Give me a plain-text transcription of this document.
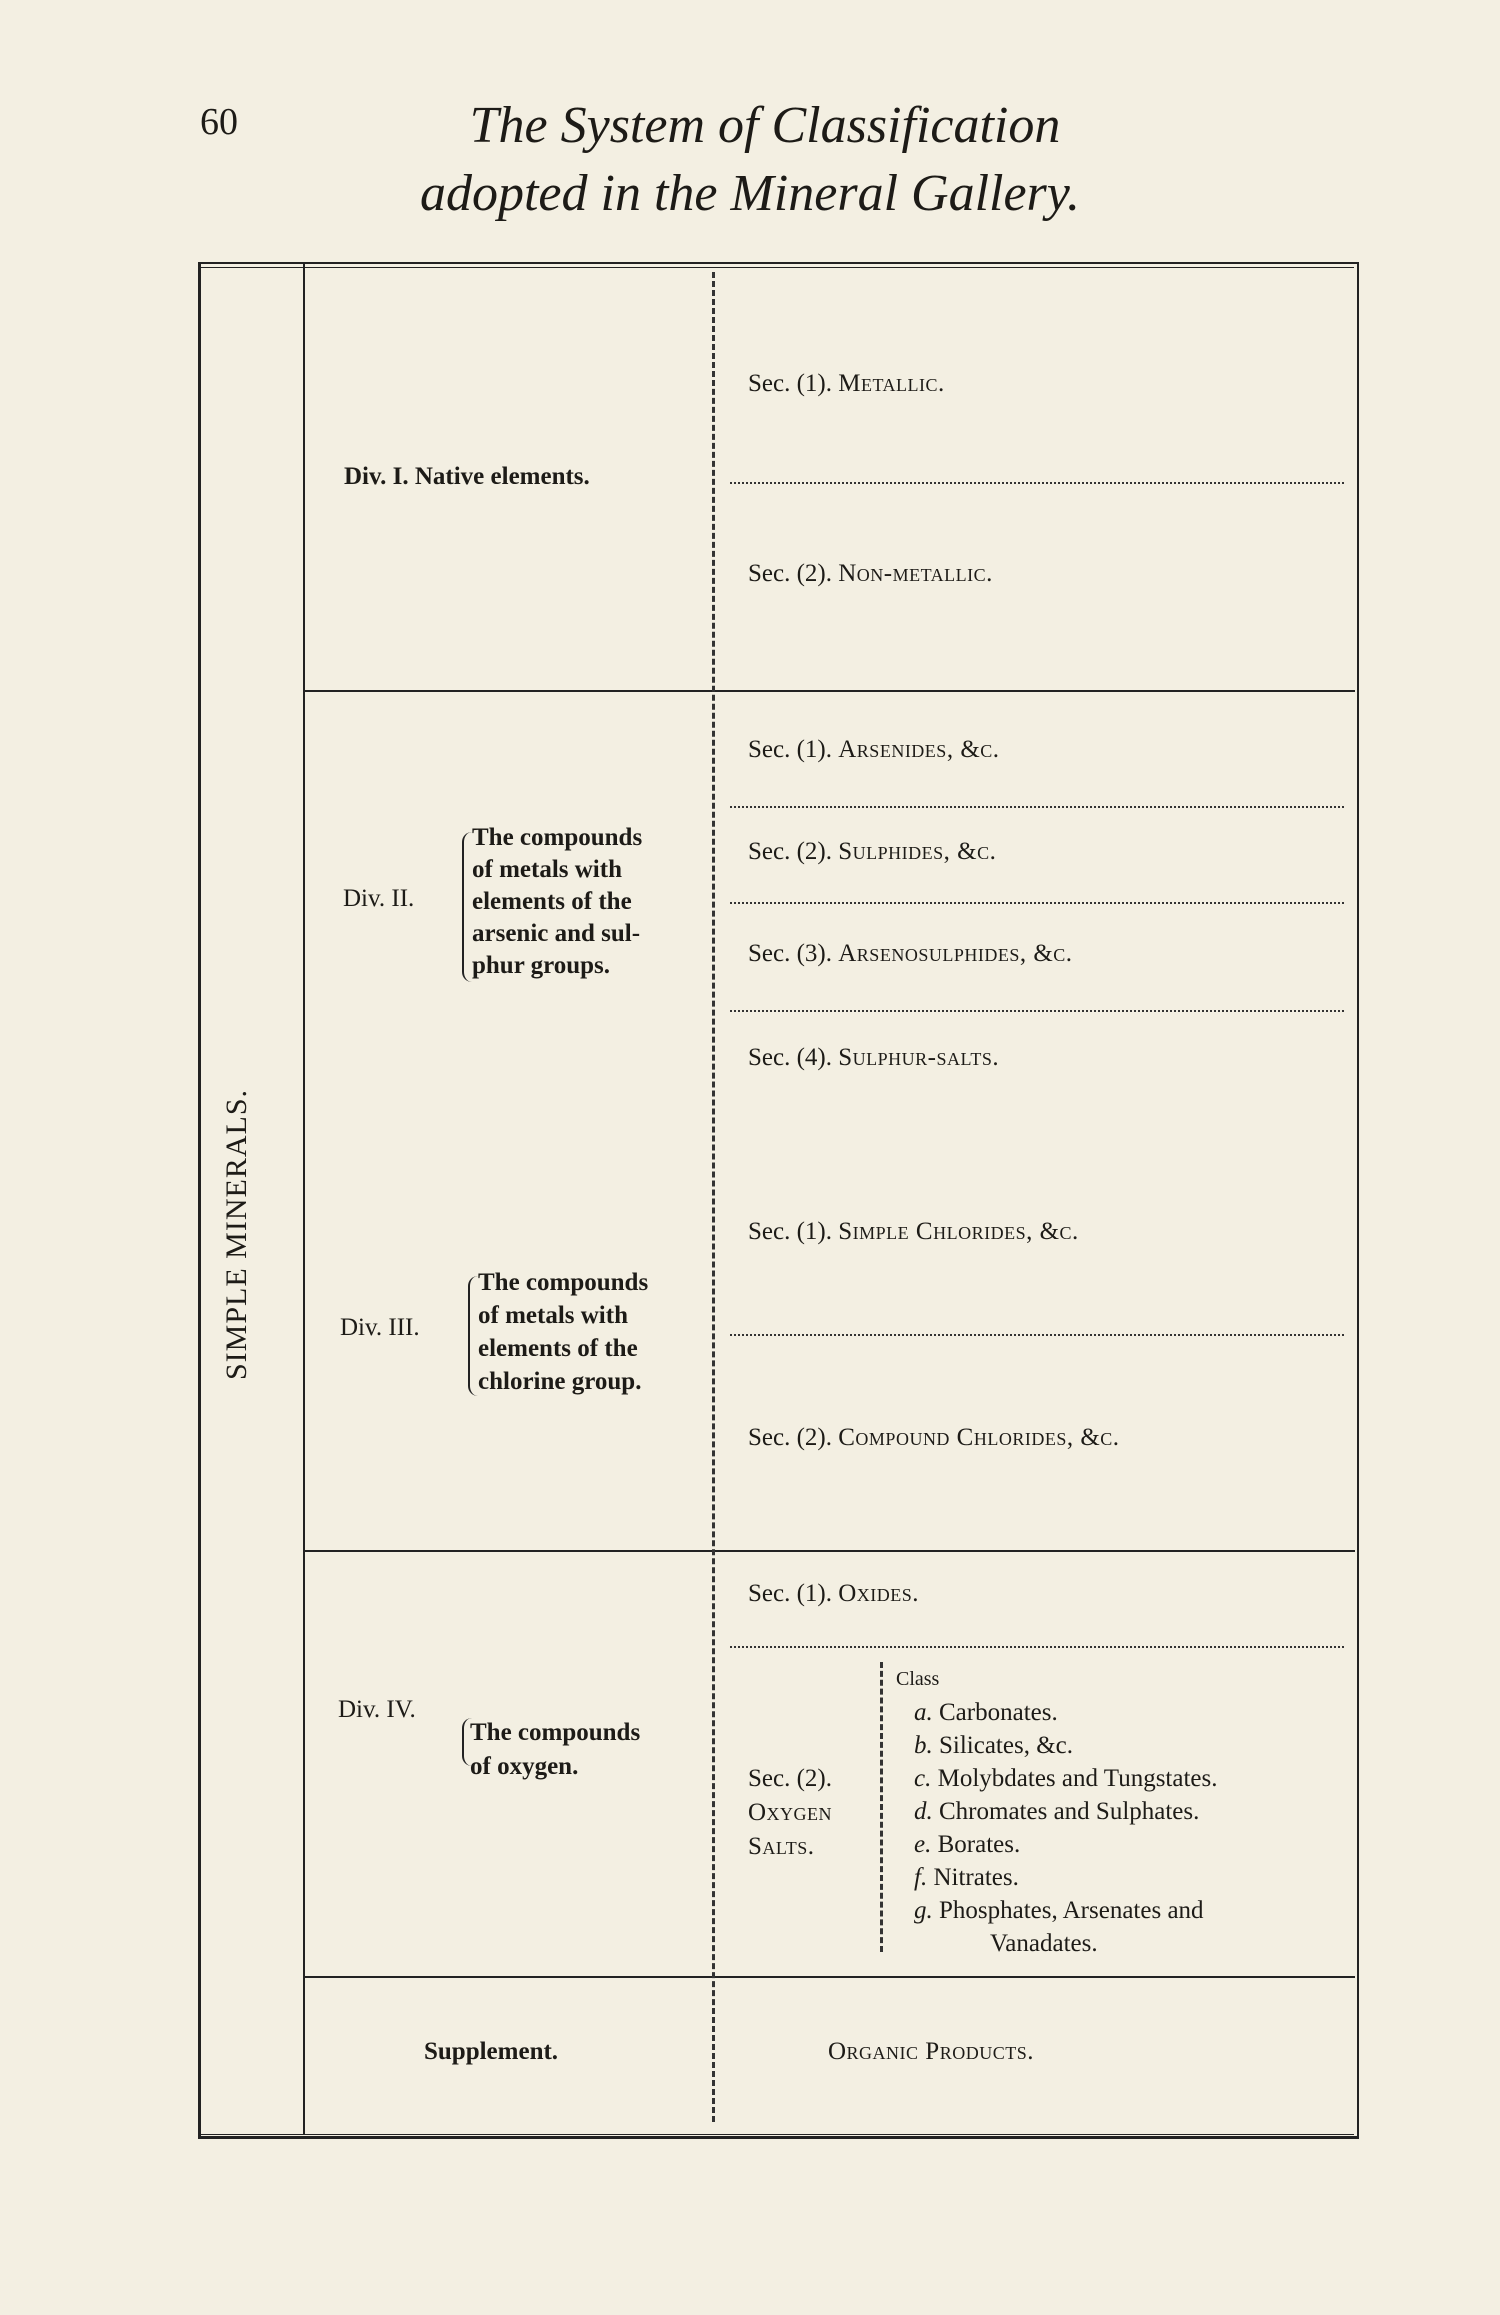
60	The System of Classification
adopted in the Mineral Gallery.
SIMPLE MINERALS.
Div. I. Native elements.
Sec. (1). Metallic.
Sec. (2). Non-metallic.
Div. II.
The compounds
of metals with
elements of the
arsenic and sul-
phur groups.
Sec. (1). Arsenides, &c.
Sec. (2). Sulphides, &c.
Sec. (3). Arsenosulphides, &c.
Sec. (4). Sulphur-salts.
Div. III.
The compounds
of metals with
elements of the
chlorine group.
Sec. (1). Simple Chlorides, &c.
Sec. (2). Compound Chlorides, &c.
Div. IV.
The compounds
of oxygen.
Sec. (1). Oxides.
Sec. (2).
Oxygen
Salts.
Class
a. Carbonates.
b. Silicates, &c.
c. Molybdates and Tungstates.
d. Chromates and Sulphates.
e. Borates.
f. Nitrates.
g. Phosphates, Arsenates and
Vanadates.
Supplement.	Organic Products.
